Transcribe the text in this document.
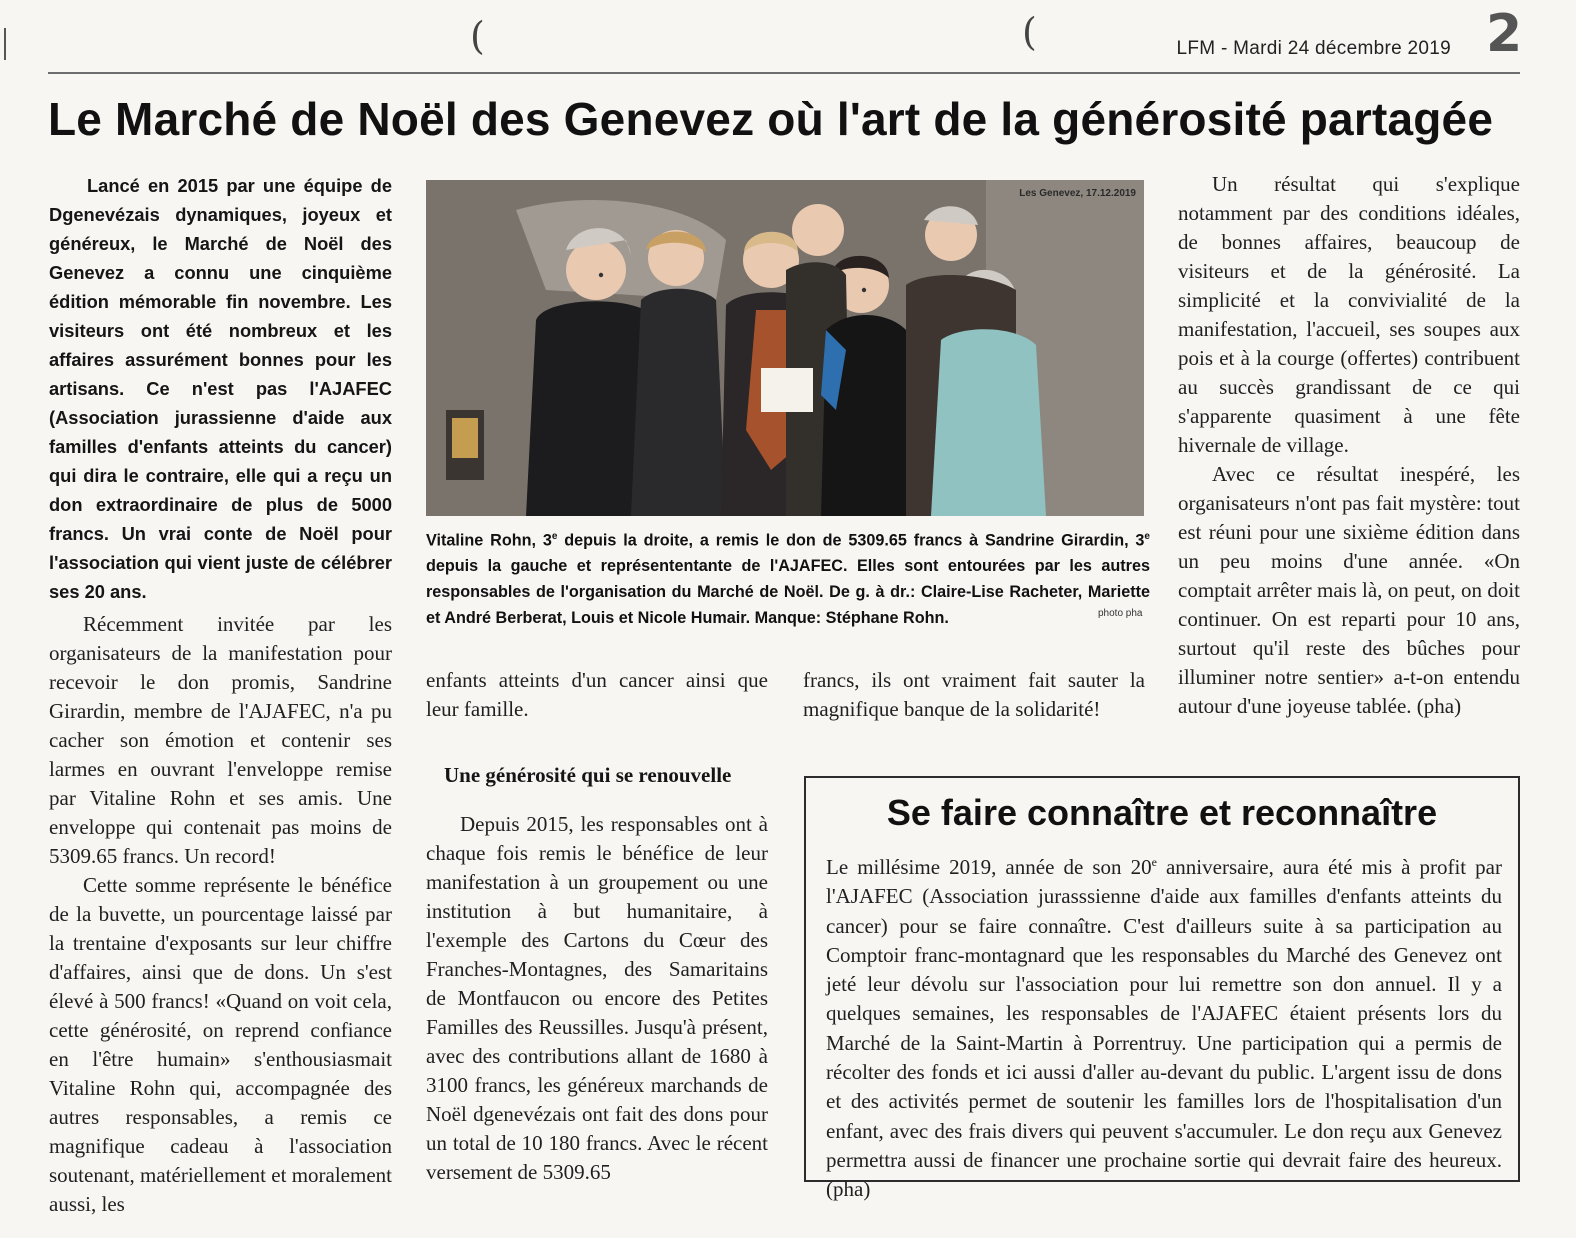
(	(	LFM - Mardi 24 décembre 2019 2
Le Marché de Noël des Genevez où l'art de la générosité partagée

Lancé en 2015 par une équipe de Dgenevézais dynamiques, joyeux et généreux, le Marché de Noël des Genevez a connu une cinquième édition mémorable fin novembre. Les visiteurs ont été nombreux et les affaires assurément bonnes pour les artisans. Ce n'est pas l'AJAFEC (Association jurassienne d'aide aux familles d'enfants atteints du cancer) qui dira le contraire, elle qui a reçu un don extraordinaire de plus de 5000 francs. Un vrai conte de Noël pour l'association qui vient juste de célébrer ses 20 ans.

Récemment invitée par les organisateurs de la manifestation pour recevoir le don promis, Sandrine Girardin, membre de l'AJAFEC, n'a pu cacher son émotion et contenir ses larmes en ouvrant l'enveloppe remise par Vitaline Rohn et ses amis. Une enveloppe qui contenait pas moins de 5309.65 francs. Un record!

Cette somme représente le bénéfice de la buvette, un pourcentage laissé par la trentaine d'exposants sur leur chiffre d'affaires, ainsi que de dons. Un s'est élevé à 500 francs! «Quand on voit cela, cette générosité, on reprend confiance en l'être humain» s'enthousiasmait Vitaline Rohn qui, accompagnée des autres responsables, a remis ce magnifique cadeau à l'association soutenant, matériellement et moralement aussi, les

Les Genevez, 17.12.2019

Vitaline Rohn, 3e depuis la droite, a remis le don de 5309.65 francs à Sandrine Girardin, 3e depuis la gauche et représententante de l'AJAFEC. Elles sont entourées par les autres responsables de l'organisation du Marché de Noël. De g. à dr.: Claire-Lise Racheter, Mariette et André Berberat, Louis et Nicole Humair. Manque: Stéphane Rohn.	photo pha

enfants atteints d'un cancer ainsi que leur famille.

Une générosité qui se renouvelle

Depuis 2015, les responsables ont à chaque fois remis le bénéfice de leur manifestation à un groupement ou une institution à but humanitaire, à l'exemple des Cartons du Cœur des Franches-Montagnes, des Samaritains de Montfaucon ou encore des Petites Familles des Reussilles. Jusqu'à présent, avec des contributions allant de 1680 à 3100 francs, les généreux marchands de Noël dgenevézais ont fait des dons pour un total de 10 180 francs. Avec le récent versement de 5309.65

francs, ils ont vraiment fait sauter la magnifique banque de la solidarité!

Un résultat qui s'explique notamment par des conditions idéales, de bonnes affaires, beaucoup de visiteurs et de la générosité. La simplicité et la convivialité de la manifestation, l'accueil, ses soupes aux pois et à la courge (offertes) contribuent au succès grandissant de ce qui s'apparente quasiment à une fête hivernale de village.

Avec ce résultat inespéré, les organisateurs n'ont pas fait mystère: tout est réuni pour une sixième édition dans un peu moins d'une année. «On comptait arrêter mais là, on peut, on doit continuer. On est reparti pour 10 ans, surtout qu'il reste des bûches pour illuminer notre sentier» a-t-on entendu autour d'une joyeuse tablée. (pha)

Se faire connaître et reconnaître

Le millésime 2019, année de son 20e anniversaire, aura été mis à profit par l'AJAFEC (Association jurasssienne d'aide aux familles d'enfants atteints du cancer) pour se faire connaître. C'est d'ailleurs suite à sa participation au Comptoir franc-montagnard que les responsables du Marché des Genevez ont jeté leur dévolu sur l'association pour lui remettre son don annuel. Il y a quelques semaines, les responsables de l'AJAFEC étaient présents lors du Marché de la Saint-Martin à Porrentruy. Une participation qui a permis de récolter des fonds et ici aussi d'aller au-devant du public. L'argent issu de dons et des activités permet de soutenir les familles lors de l'hospitalisation d'un enfant, avec des frais divers qui peuvent s'accumuler. Le don reçu aux Genevez permettra aussi de financer une prochaine sortie qui devrait faire des heureux. (pha)
